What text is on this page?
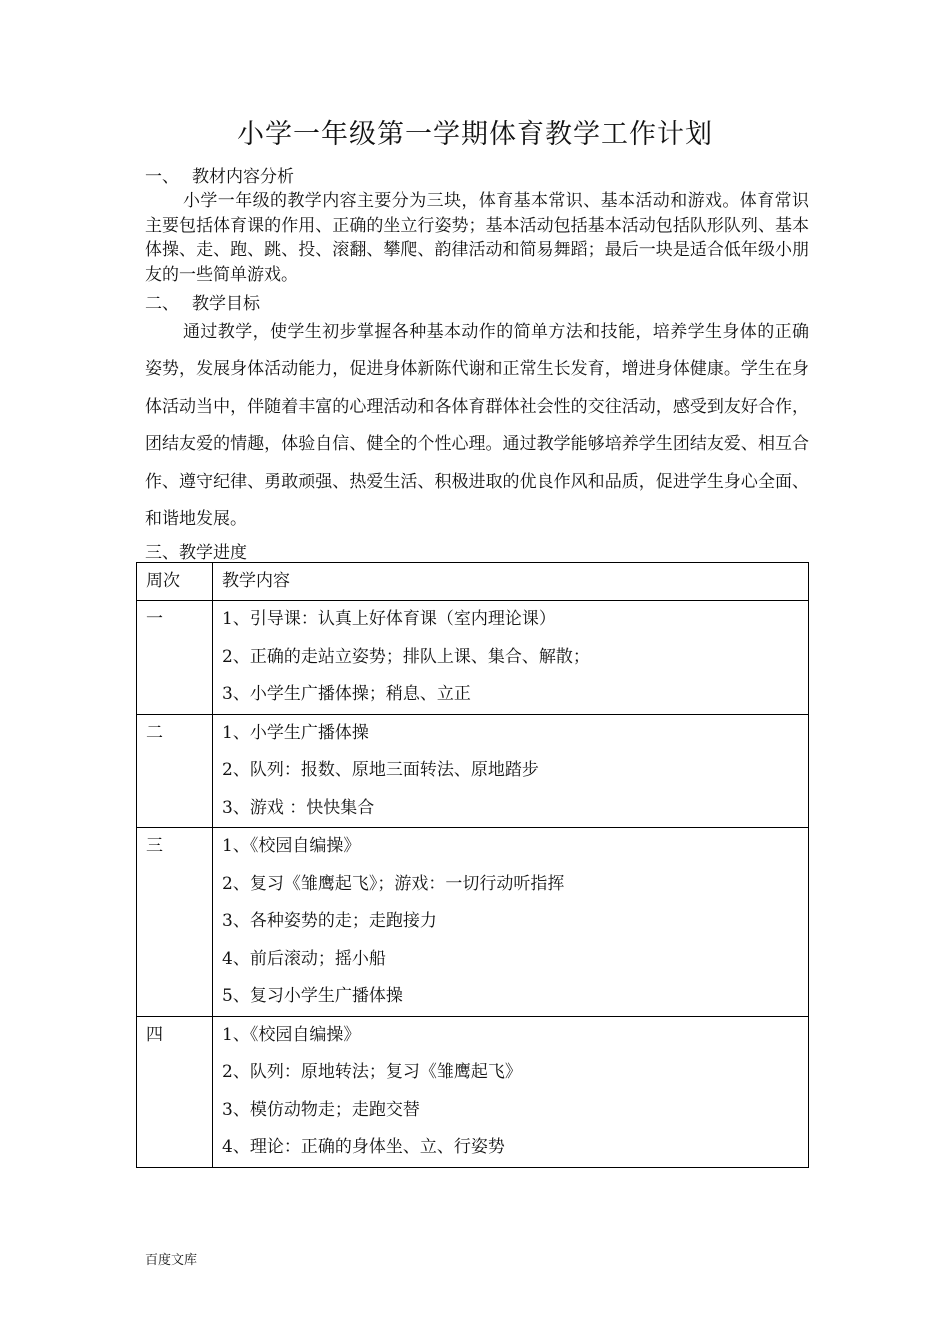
小学一年级第一学期体育教学工作计划
一、 教材内容分析
小学一年级的教学内容主要分为三块，体育基本常识、基本活动和游戏。体育常识主要包括体育课的作用、正确的坐立行姿势；基本活动包括基本活动包括队形队列、基本体操、走、跑、跳、投、滚翻、攀爬、韵律活动和简易舞蹈；最后一块是适合低年级小朋友的一些简单游戏。
二、 教学目标
通过教学，使学生初步掌握各种基本动作的简单方法和技能，培养学生身体的正确姿势，发展身体活动能力，促进身体新陈代谢和正常生长发育，增进身体健康。学生在身体活动当中，伴随着丰富的心理活动和各体育群体社会性的交往活动，感受到友好合作，团结友爱的情趣，体验自信、健全的个性心理。通过教学能够培养学生团结友爱、相互合作、遵守纪律、勇敢顽强、热爱生活、积极进取的优良作风和品质，促进学生身心全面、和谐地发展。
三、教学进度
周次	教学内容

一	1、引导课：认真上好体育课（室内理论课）
2、正确的走站立姿势；排队上课、集合、解散；
3、小学生广播体操；稍息、立正

二	1、小学生广播体操
2、队列：报数、原地三面转法、原地踏步
3、游戏 ：快快集合

三	1、《校园自编操》
2、复习《雏鹰起飞》；游戏：一切行动听指挥
3、各种姿势的走；走跑接力
4、前后滚动；摇小船
5、复习小学生广播体操

四	1、《校园自编操》
2、队列：原地转法；复习《雏鹰起飞》
3、模仿动物走；走跑交替
4、理论：正确的身体坐、立、行姿势
百度文库
